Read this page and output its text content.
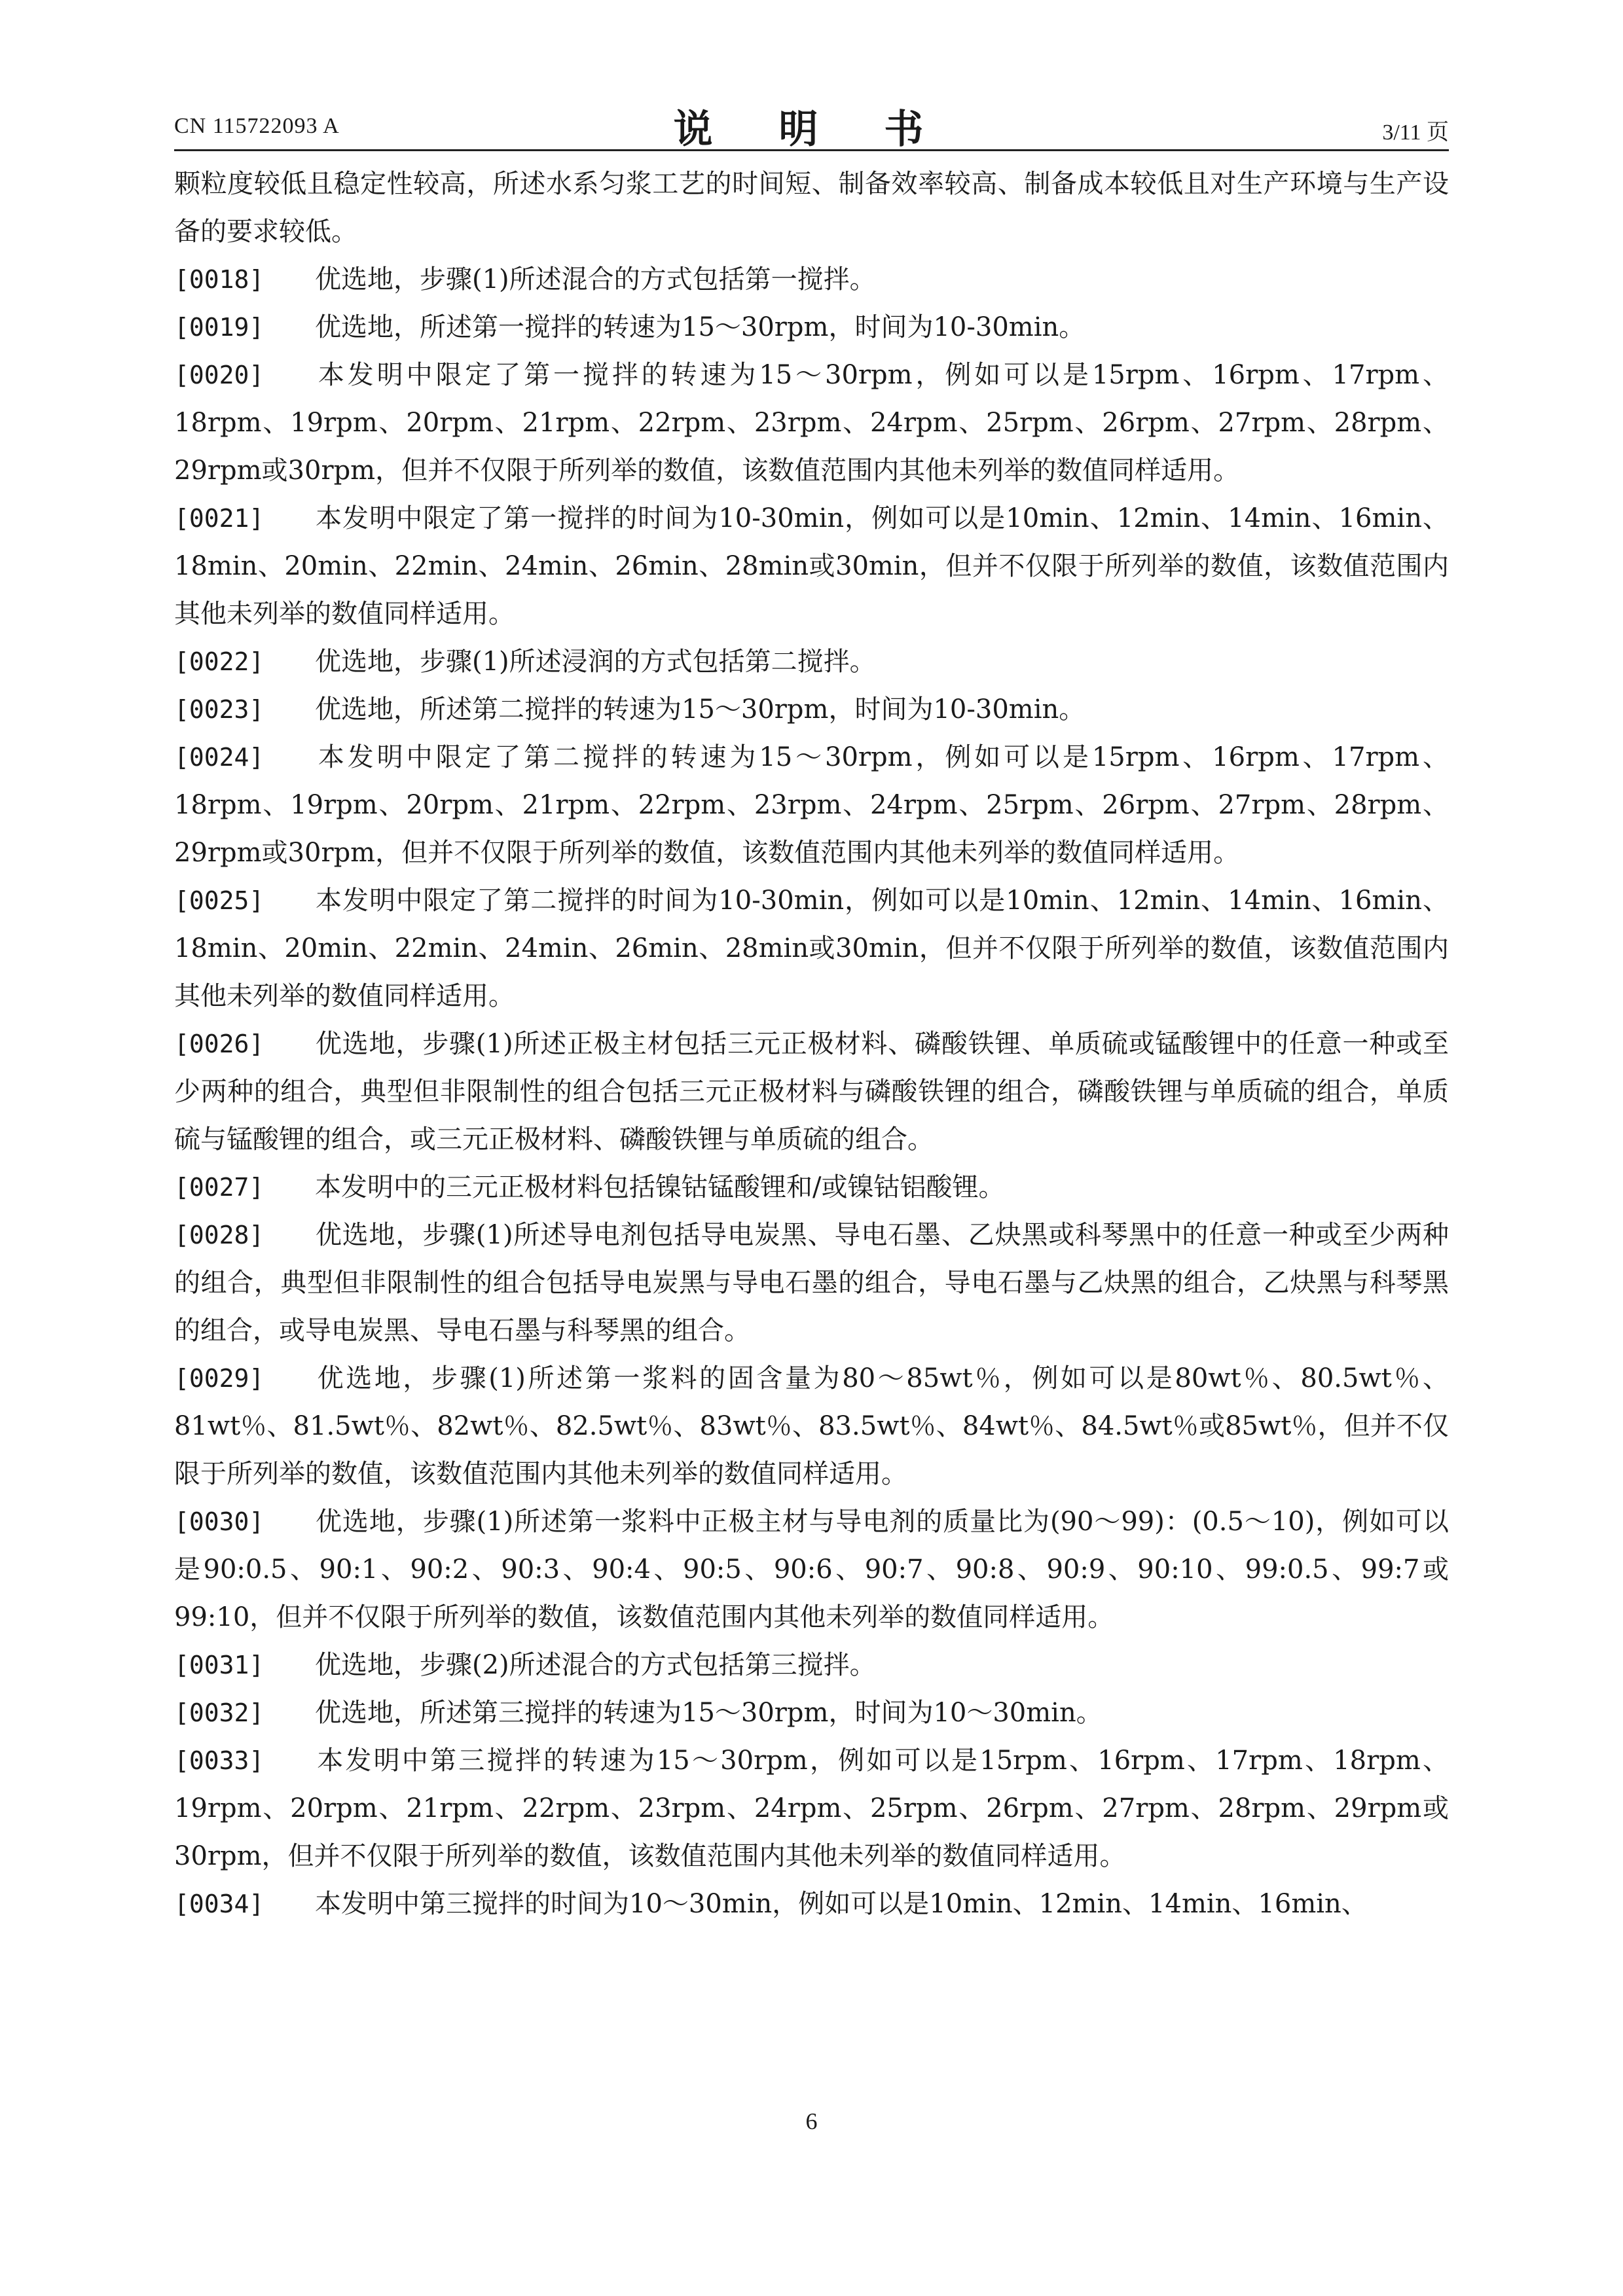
CN 115722093 A	说 明 书	3/11 页

颗粒度较低且稳定性较高，所述水系匀浆工艺的时间短、制备效率较高、制备成本较低且对生产环境与生产设备的要求较低。

[0018] 优选地，步骤(1)所述混合的方式包括第一搅拌。

[0019] 优选地，所述第一搅拌的转速为15～30rpm，时间为10-30min。

[0020] 本发明中限定了第一搅拌的转速为15～30rpm，例如可以是15rpm、16rpm、17rpm、18rpm、19rpm、20rpm、21rpm、22rpm、23rpm、24rpm、25rpm、26rpm、27rpm、28rpm、29rpm或30rpm，但并不仅限于所列举的数值，该数值范围内其他未列举的数值同样适用。

[0021] 本发明中限定了第一搅拌的时间为10-30min，例如可以是10min、12min、14min、16min、18min、20min、22min、24min、26min、28min或30min，但并不仅限于所列举的数值，该数值范围内其他未列举的数值同样适用。

[0022] 优选地，步骤(1)所述浸润的方式包括第二搅拌。

[0023] 优选地，所述第二搅拌的转速为15～30rpm，时间为10-30min。

[0024] 本发明中限定了第二搅拌的转速为15～30rpm，例如可以是15rpm、16rpm、17rpm、18rpm、19rpm、20rpm、21rpm、22rpm、23rpm、24rpm、25rpm、26rpm、27rpm、28rpm、29rpm或30rpm，但并不仅限于所列举的数值，该数值范围内其他未列举的数值同样适用。

[0025] 本发明中限定了第二搅拌的时间为10-30min，例如可以是10min、12min、14min、16min、18min、20min、22min、24min、26min、28min或30min，但并不仅限于所列举的数值，该数值范围内其他未列举的数值同样适用。

[0026] 优选地，步骤(1)所述正极主材包括三元正极材料、磷酸铁锂、单质硫或锰酸锂中的任意一种或至少两种的组合，典型但非限制性的组合包括三元正极材料与磷酸铁锂的组合，磷酸铁锂与单质硫的组合，单质硫与锰酸锂的组合，或三元正极材料、磷酸铁锂与单质硫的组合。

[0027] 本发明中的三元正极材料包括镍钴锰酸锂和/或镍钴铝酸锂。

[0028] 优选地，步骤(1)所述导电剂包括导电炭黑、导电石墨、乙炔黑或科琴黑中的任意一种或至少两种的组合，典型但非限制性的组合包括导电炭黑与导电石墨的组合，导电石墨与乙炔黑的组合，乙炔黑与科琴黑的组合，或导电炭黑、导电石墨与科琴黑的组合。

[0029] 优选地，步骤(1)所述第一浆料的固含量为80～85wt％，例如可以是80wt％、80.5wt％、81wt％、81.5wt％、82wt％、82.5wt％、83wt％、83.5wt％、84wt％、84.5wt％或85wt％，但并不仅限于所列举的数值，该数值范围内其他未列举的数值同样适用。

[0030] 优选地，步骤(1)所述第一浆料中正极主材与导电剂的质量比为(90～99)：(0.5～10)，例如可以是90:0.5、90:1、90:2、90:3、90:4、90:5、90:6、90:7、90:8、90:9、90:10、99:0.5、99:7或99:10，但并不仅限于所列举的数值，该数值范围内其他未列举的数值同样适用。

[0031] 优选地，步骤(2)所述混合的方式包括第三搅拌。

[0032] 优选地，所述第三搅拌的转速为15～30rpm，时间为10～30min。

[0033] 本发明中第三搅拌的转速为15～30rpm，例如可以是15rpm、16rpm、17rpm、18rpm、19rpm、20rpm、21rpm、22rpm、23rpm、24rpm、25rpm、26rpm、27rpm、28rpm、29rpm或30rpm，但并不仅限于所列举的数值，该数值范围内其他未列举的数值同样适用。

[0034] 本发明中第三搅拌的时间为10～30min，例如可以是10min、12min、14min、16min、

6
